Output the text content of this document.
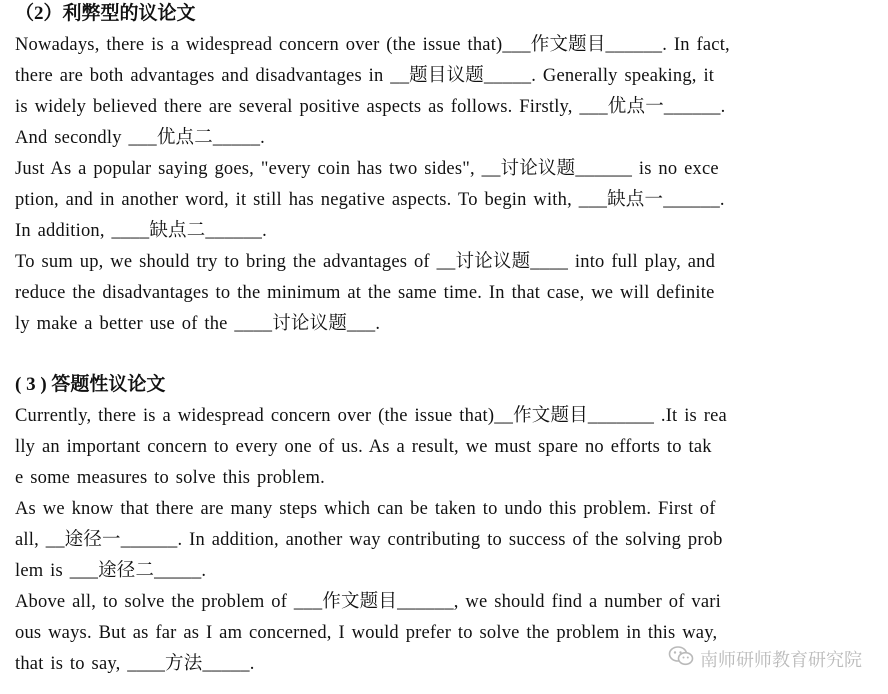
（2）利弊型的议论文
Nowadays, there is a widespread concern over (the issue that)___作文题目______. In fact,
there are both advantages and disadvantages in __题目议题_____. Generally speaking, it
is widely believed there are several positive aspects as follows. Firstly, ___优点一______.
And secondly ___优点二_____.
Just As a popular saying goes, "every coin has two sides", __讨论议题______ is no exce
ption, and in another word, it still has negative aspects. To begin with, ___缺点一______.
In addition, ____缺点二______.
To sum up, we should try to bring the advantages of __讨论议题____ into full play, and
reduce the disadvantages to the minimum at the same time. In that case, we will definite
ly make a better use of the ____讨论议题___.
( 3 ) 答题性议论文
Currently, there is a widespread concern over (the issue that)__作文题目_______ .It is rea
lly an important concern to every one of us. As a result, we must spare no efforts to tak
e some measures to solve this problem.
As we know that there are many steps which can be taken to undo this problem. First of
all, __途径一______. In addition, another way contributing to success of the solving prob
lem is ___途径二_____.
Above all, to solve the problem of ___作文题目______, we should find a number of vari
ous ways. But as far as I am concerned, I would prefer to solve the problem in this way,
that is to say, ____方法_____.	南师研师教育研究院
